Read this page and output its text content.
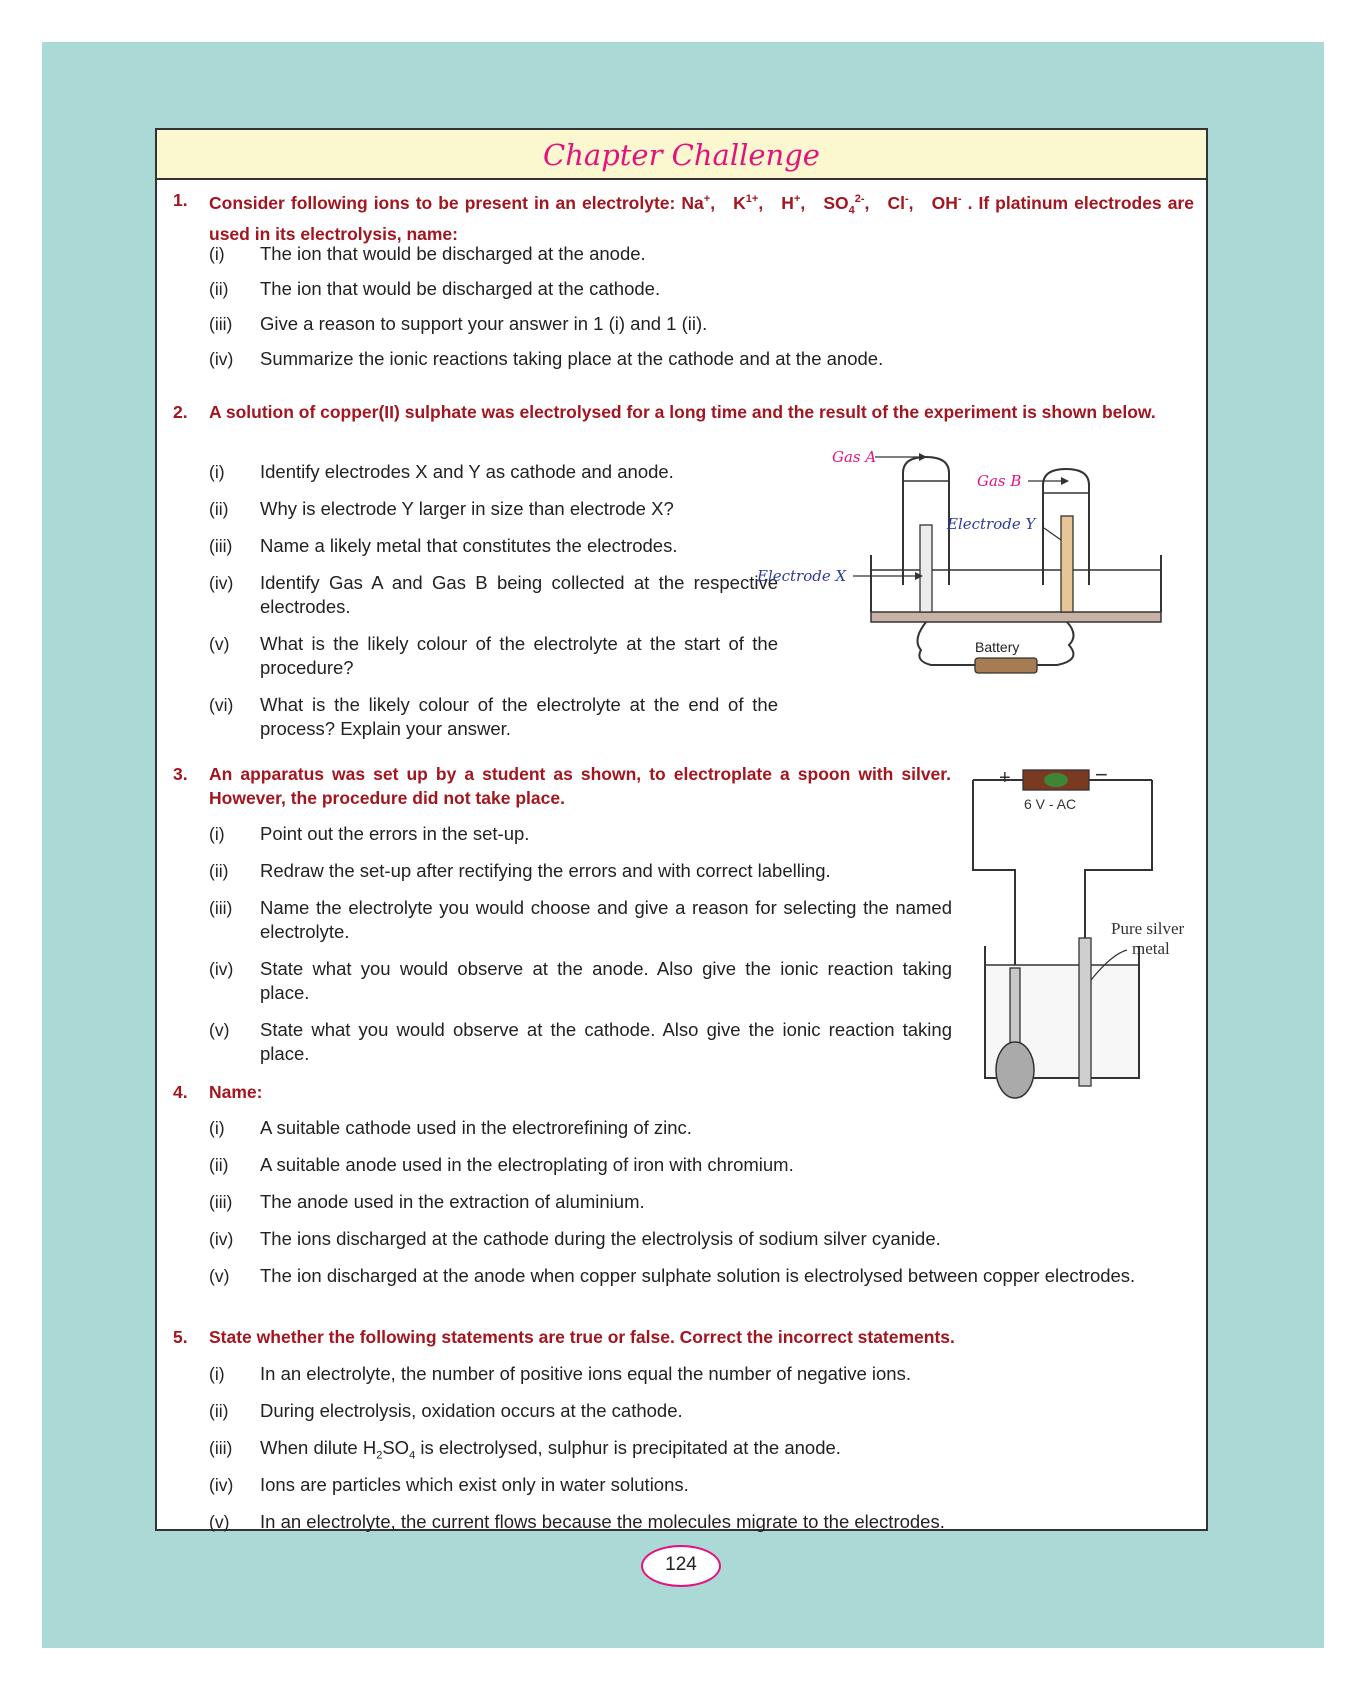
Chapter Challenge
1. Consider following ions to be present in an electrolyte: Na+,   $K^{1+}$,   H+,   $SO_4^{2-}$,   Cl-,   OH- . If platinum electrodes are used in its electrolysis, name:
(i) The ion that would be discharged at the anode.
(ii) The ion that would be discharged at the cathode.
(iii) Give a reason to support your answer in 1 (i) and 1 (ii).
(iv) Summarize the ionic reactions taking place at the cathode and at the anode.
2. A solution of copper(II) sulphate was electrolysed for a long time and the result of the experiment is shown below.
(i) Identify electrodes X and Y as cathode and anode.
(ii) Why is electrode Y larger in size than electrode X?
(iii) Name a likely metal that constitutes the electrodes.
(iv) Identify Gas A and Gas B being collected at the respective electrodes.
(v) What is the likely colour of the electrolyte at the start of the procedure?
(vi) What is the likely colour of the electrolyte at the end of the process? Explain your answer.
Gas A
Gas B
Electrode Y
Electrode X
Battery
3. An apparatus was set up by a student as shown, to electroplate a spoon with silver. However, the procedure did not take place.
(i) Point out the errors in the set-up.
(ii) Redraw the set-up after rectifying the errors and with correct labelling.
(iii) Name the electrolyte you would choose and give a reason for selecting the named electrolyte.
(iv) State what you would observe at the anode. Also give the ionic reaction taking place.
(v) State what you would observe at the cathode. Also give the ionic reaction taking place.
+	−
6 V - AC
Pure silver
metal
4. Name:
(i) A suitable cathode used in the electrorefining of zinc.
(ii) A suitable anode used in the electroplating of iron with chromium.
(iii) The anode used in the extraction of aluminium.
(iv) The ions discharged at the cathode during the electrolysis of sodium silver cyanide.
(v) The ion discharged at the anode when copper sulphate solution is electrolysed between copper electrodes.
5. State whether the following statements are true or false. Correct the incorrect statements.
(i) In an electrolyte, the number of positive ions equal the number of negative ions.
(ii) During electrolysis, oxidation occurs at the cathode.
(iii) When dilute $H_2SO_4$ is electrolysed, sulphur is precipitated at the anode.
(iv) Ions are particles which exist only in water solutions.
(v) In an electrolyte, the current flows because the molecules migrate to the electrodes.
124
